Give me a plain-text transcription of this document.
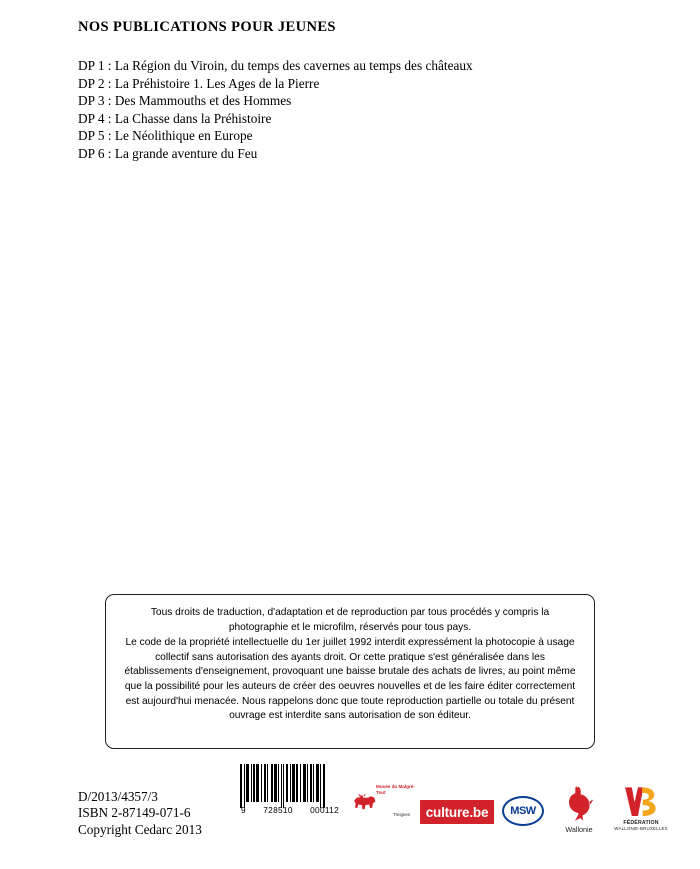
NOS PUBLICATIONS POUR JEUNES
DP 1 : La Région du Viroin, du temps des cavernes au temps des châteaux
DP 2 : La Préhistoire 1. Les Ages de la Pierre
DP 3 : Des Mammouths et des Hommes
DP 4 : La Chasse dans la Préhistoire
DP 5 : Le Néolithique en Europe
DP 6 : La grande aventure du Feu

Tous droits de traduction, d'adaptation et de reproduction par tous procédés y compris la photographie et le microfilm, réservés pour tous pays.

Le code de la propriété intellectuelle du 1er juillet 1992 interdit expressément la photocopie à usage collectif sans autorisation des ayants droit. Or cette pratique s'est généralisée dans les établissements d'enseignement, provoquant une baisse brutale des achats de livres, au point même que la possibilité pour les auteurs de créer des oeuvres nouvelles et de les faire éditer correctement est aujourd'hui menacée. Nous rappelons donc que toute reproduction partielle ou totale du présent ouvrage est interdite sans autorisation de son éditeur.

D/2013/4357/3
ISBN 2-87149-071-6
Copyright Cedarc 2013
9 728510 000112
Musée du Malgré-Tout
Treignes culture.be MSW
Wallonie
FÉDÉRATION
WALLONIE-BRUXELLES
